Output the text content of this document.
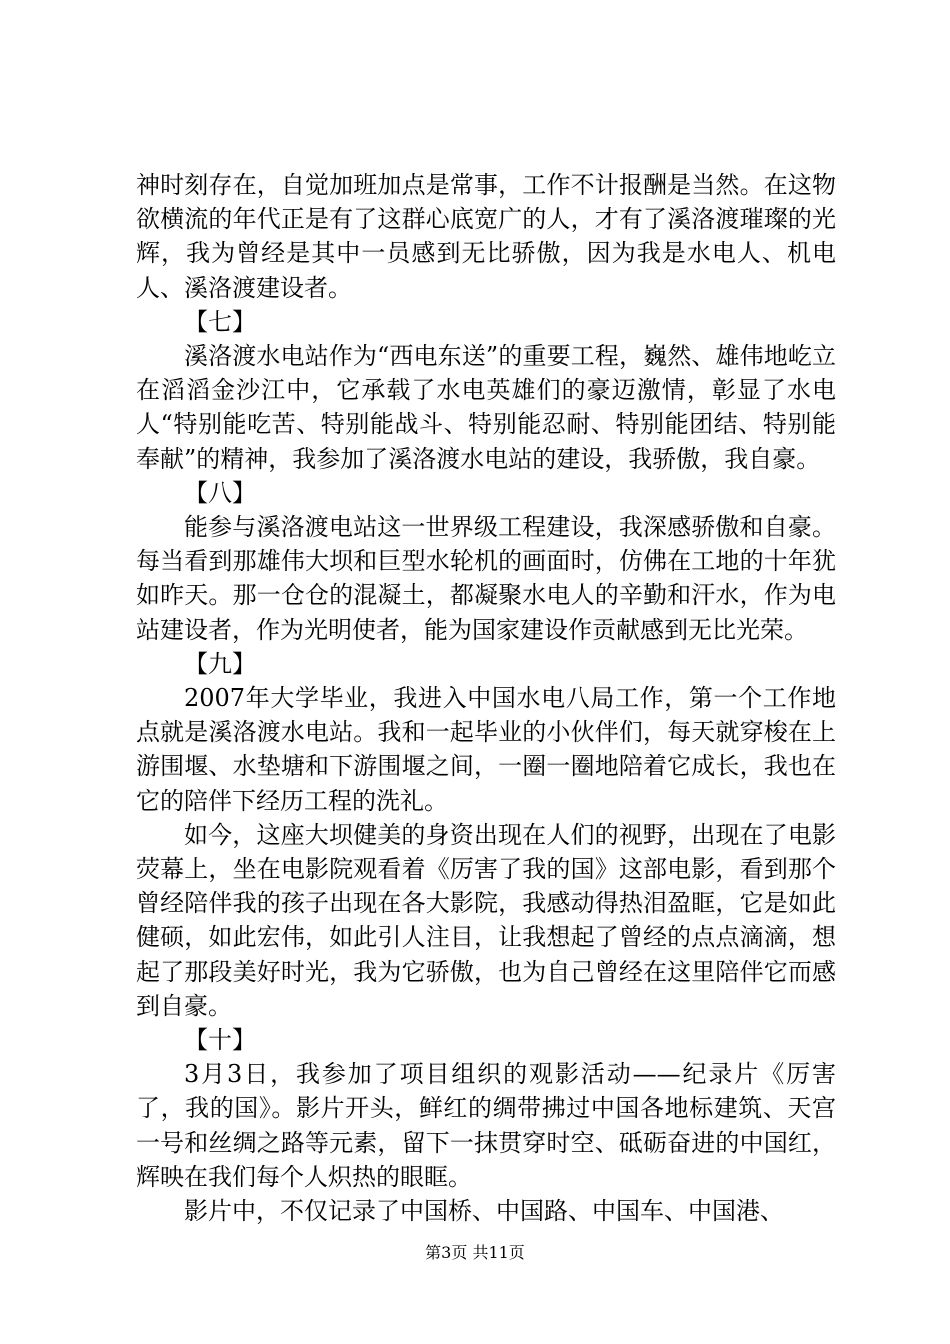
神时刻存在，自觉加班加点是常事，工作不计报酬是当然。在这物欲横流的年代正是有了这群心底宽广的人，才有了溪洛渡璀璨的光辉，我为曾经是其中一员感到无比骄傲，因为我是水电人、机电人、溪洛渡建设者。

【七】

溪洛渡水电站作为“西电东送”的重要工程，巍然、雄伟地屹立在滔滔金沙江中，它承载了水电英雄们的豪迈激情，彰显了水电人“特别能吃苦、特别能战斗、特别能忍耐、特别能团结、特别能奉献”的精神，我参加了溪洛渡水电站的建设，我骄傲，我自豪。

【八】

能参与溪洛渡电站这一世界级工程建设，我深感骄傲和自豪。每当看到那雄伟大坝和巨型水轮机的画面时，仿佛在工地的十年犹如昨天。那一仓仓的混凝土，都凝聚水电人的辛勤和汗水，作为电站建设者，作为光明使者，能为国家建设作贡献感到无比光荣。

【九】

2007年大学毕业，我进入中国水电八局工作，第一个工作地点就是溪洛渡水电站。我和一起毕业的小伙伴们，每天就穿梭在上游围堰、水垫塘和下游围堰之间，一圈一圈地陪着它成长，我也在它的陪伴下经历工程的洗礼。

如今，这座大坝健美的身资出现在人们的视野，出现在了电影荧幕上，坐在电影院观看着《厉害了我的国》这部电影，看到那个曾经陪伴我的孩子出现在各大影院，我感动得热泪盈眶，它是如此健硕，如此宏伟，如此引人注目，让我想起了曾经的点点滴滴，想起了那段美好时光，我为它骄傲，也为自己曾经在这里陪伴它而感到自豪。

【十】

3月3日，我参加了项目组织的观影活动——纪录片《厉害了，我的国》。影片开头，鲜红的绸带拂过中国各地标建筑、天宫一号和丝绸之路等元素，留下一抹贯穿时空、砥砺奋进的中国红，辉映在我们每个人炽热的眼眶。

影片中，不仅记录了中国桥、中国路、中国车、中国港、

第3页 共11页
